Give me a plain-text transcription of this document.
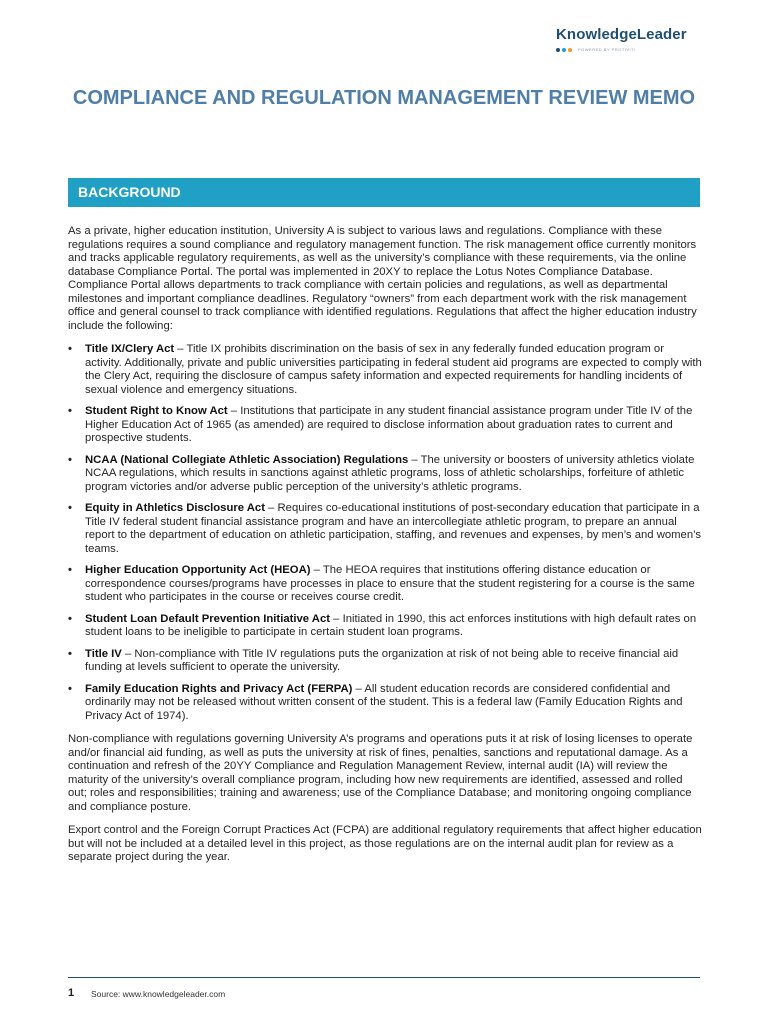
KnowledgeLeader
POWERED BY PROTIVITI
COMPLIANCE AND REGULATION MANAGEMENT REVIEW MEMO
BACKGROUND

As a private, higher education institution, University A is subject to various laws and regulations. Compliance with these regulations requires a sound compliance and regulatory management function. The risk management office currently monitors and tracks applicable regulatory requirements, as well as the university’s compliance with these requirements, via the online database Compliance Portal. The portal was implemented in 20XY to replace the Lotus Notes Compliance Database. Compliance Portal allows departments to track compliance with certain policies and regulations, as well as departmental milestones and important compliance deadlines. Regulatory “owners” from each department work with the risk management office and general counsel to track compliance with identified regulations. Regulations that affect the higher education industry include the following:

• Title IX/Clery Act – Title IX prohibits discrimination on the basis of sex in any federally funded education program or activity. Additionally, private and public universities participating in federal student aid programs are expected to comply with the Clery Act, requiring the disclosure of campus safety information and expected requirements for handling incidents of sexual violence and emergency situations.
• Student Right to Know Act – Institutions that participate in any student financial assistance program under Title IV of the Higher Education Act of 1965 (as amended) are required to disclose information about graduation rates to current and prospective students.
• NCAA (National Collegiate Athletic Association) Regulations – The university or boosters of university athletics violate NCAA regulations, which results in sanctions against athletic programs, loss of athletic scholarships, forfeiture of athletic program victories and/or adverse public perception of the university’s athletic programs.
• Equity in Athletics Disclosure Act – Requires co-educational institutions of post-secondary education that participate in a Title IV federal student financial assistance program and have an intercollegiate athletic program, to prepare an annual report to the department of education on athletic participation, staffing, and revenues and expenses, by men’s and women’s teams.
• Higher Education Opportunity Act (HEOA) – The HEOA requires that institutions offering distance education or correspondence courses/programs have processes in place to ensure that the student registering for a course is the same student who participates in the course or receives course credit.
• Student Loan Default Prevention Initiative Act – Initiated in 1990, this act enforces institutions with high default rates on student loans to be ineligible to participate in certain student loan programs.
• Title IV – Non-compliance with Title IV regulations puts the organization at risk of not being able to receive financial aid funding at levels sufficient to operate the university.
• Family Education Rights and Privacy Act (FERPA) – All student education records are considered confidential and ordinarily may not be released without written consent of the student. This is a federal law (Family Education Rights and Privacy Act of 1974).

Non-compliance with regulations governing University A’s programs and operations puts it at risk of losing licenses to operate and/or financial aid funding, as well as puts the university at risk of fines, penalties, sanctions and reputational damage. As a continuation and refresh of the 20YY Compliance and Regulation Management Review, internal audit (IA) will review the maturity of the university’s overall compliance program, including how new requirements are identified, assessed and rolled out; roles and responsibilities; training and awareness; use of the Compliance Database; and monitoring ongoing compliance and compliance posture.

Export control and the Foreign Corrupt Practices Act (FCPA) are additional regulatory requirements that affect higher education but will not be included at a detailed level in this project, as those regulations are on the internal audit plan for review as a separate project during the year.

1 Source: www.knowledgeleader.com
